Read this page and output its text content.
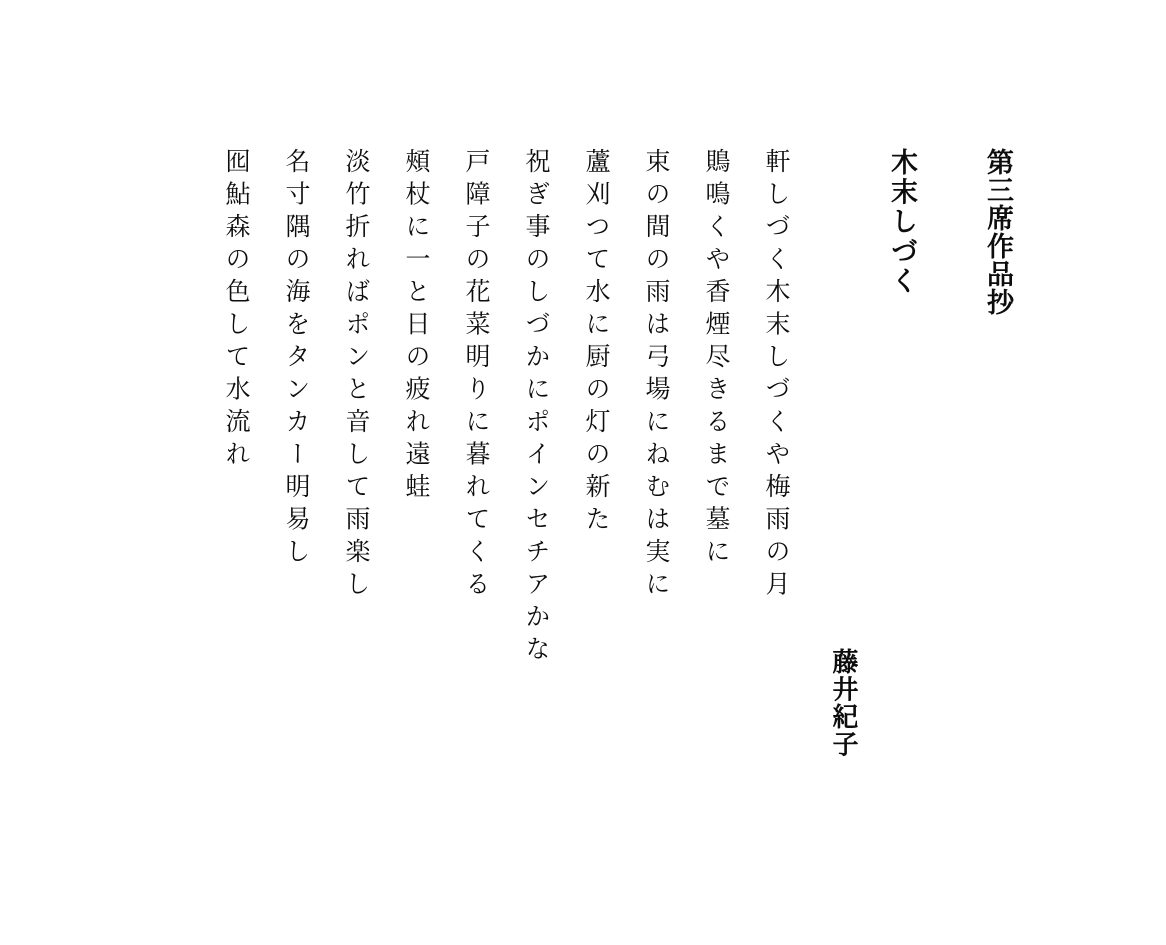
第三席作品抄
木末しづく
藤井紀子
軒しづく木末しづくや梅雨の月
鵙鳴くや香煙尽きるまで墓に
束の間の雨は弓場にねむは実に
蘆刈つて水に厨の灯の新た
祝ぎ事のしづかにポインセチアかな
戸障子の花菜明りに暮れてくる
頰杖に一と日の疲れ遠蛙
淡竹折ればポンと音して雨楽し
名寸隅の海をタンカー明易し
囮鮎森の色して水流れ
